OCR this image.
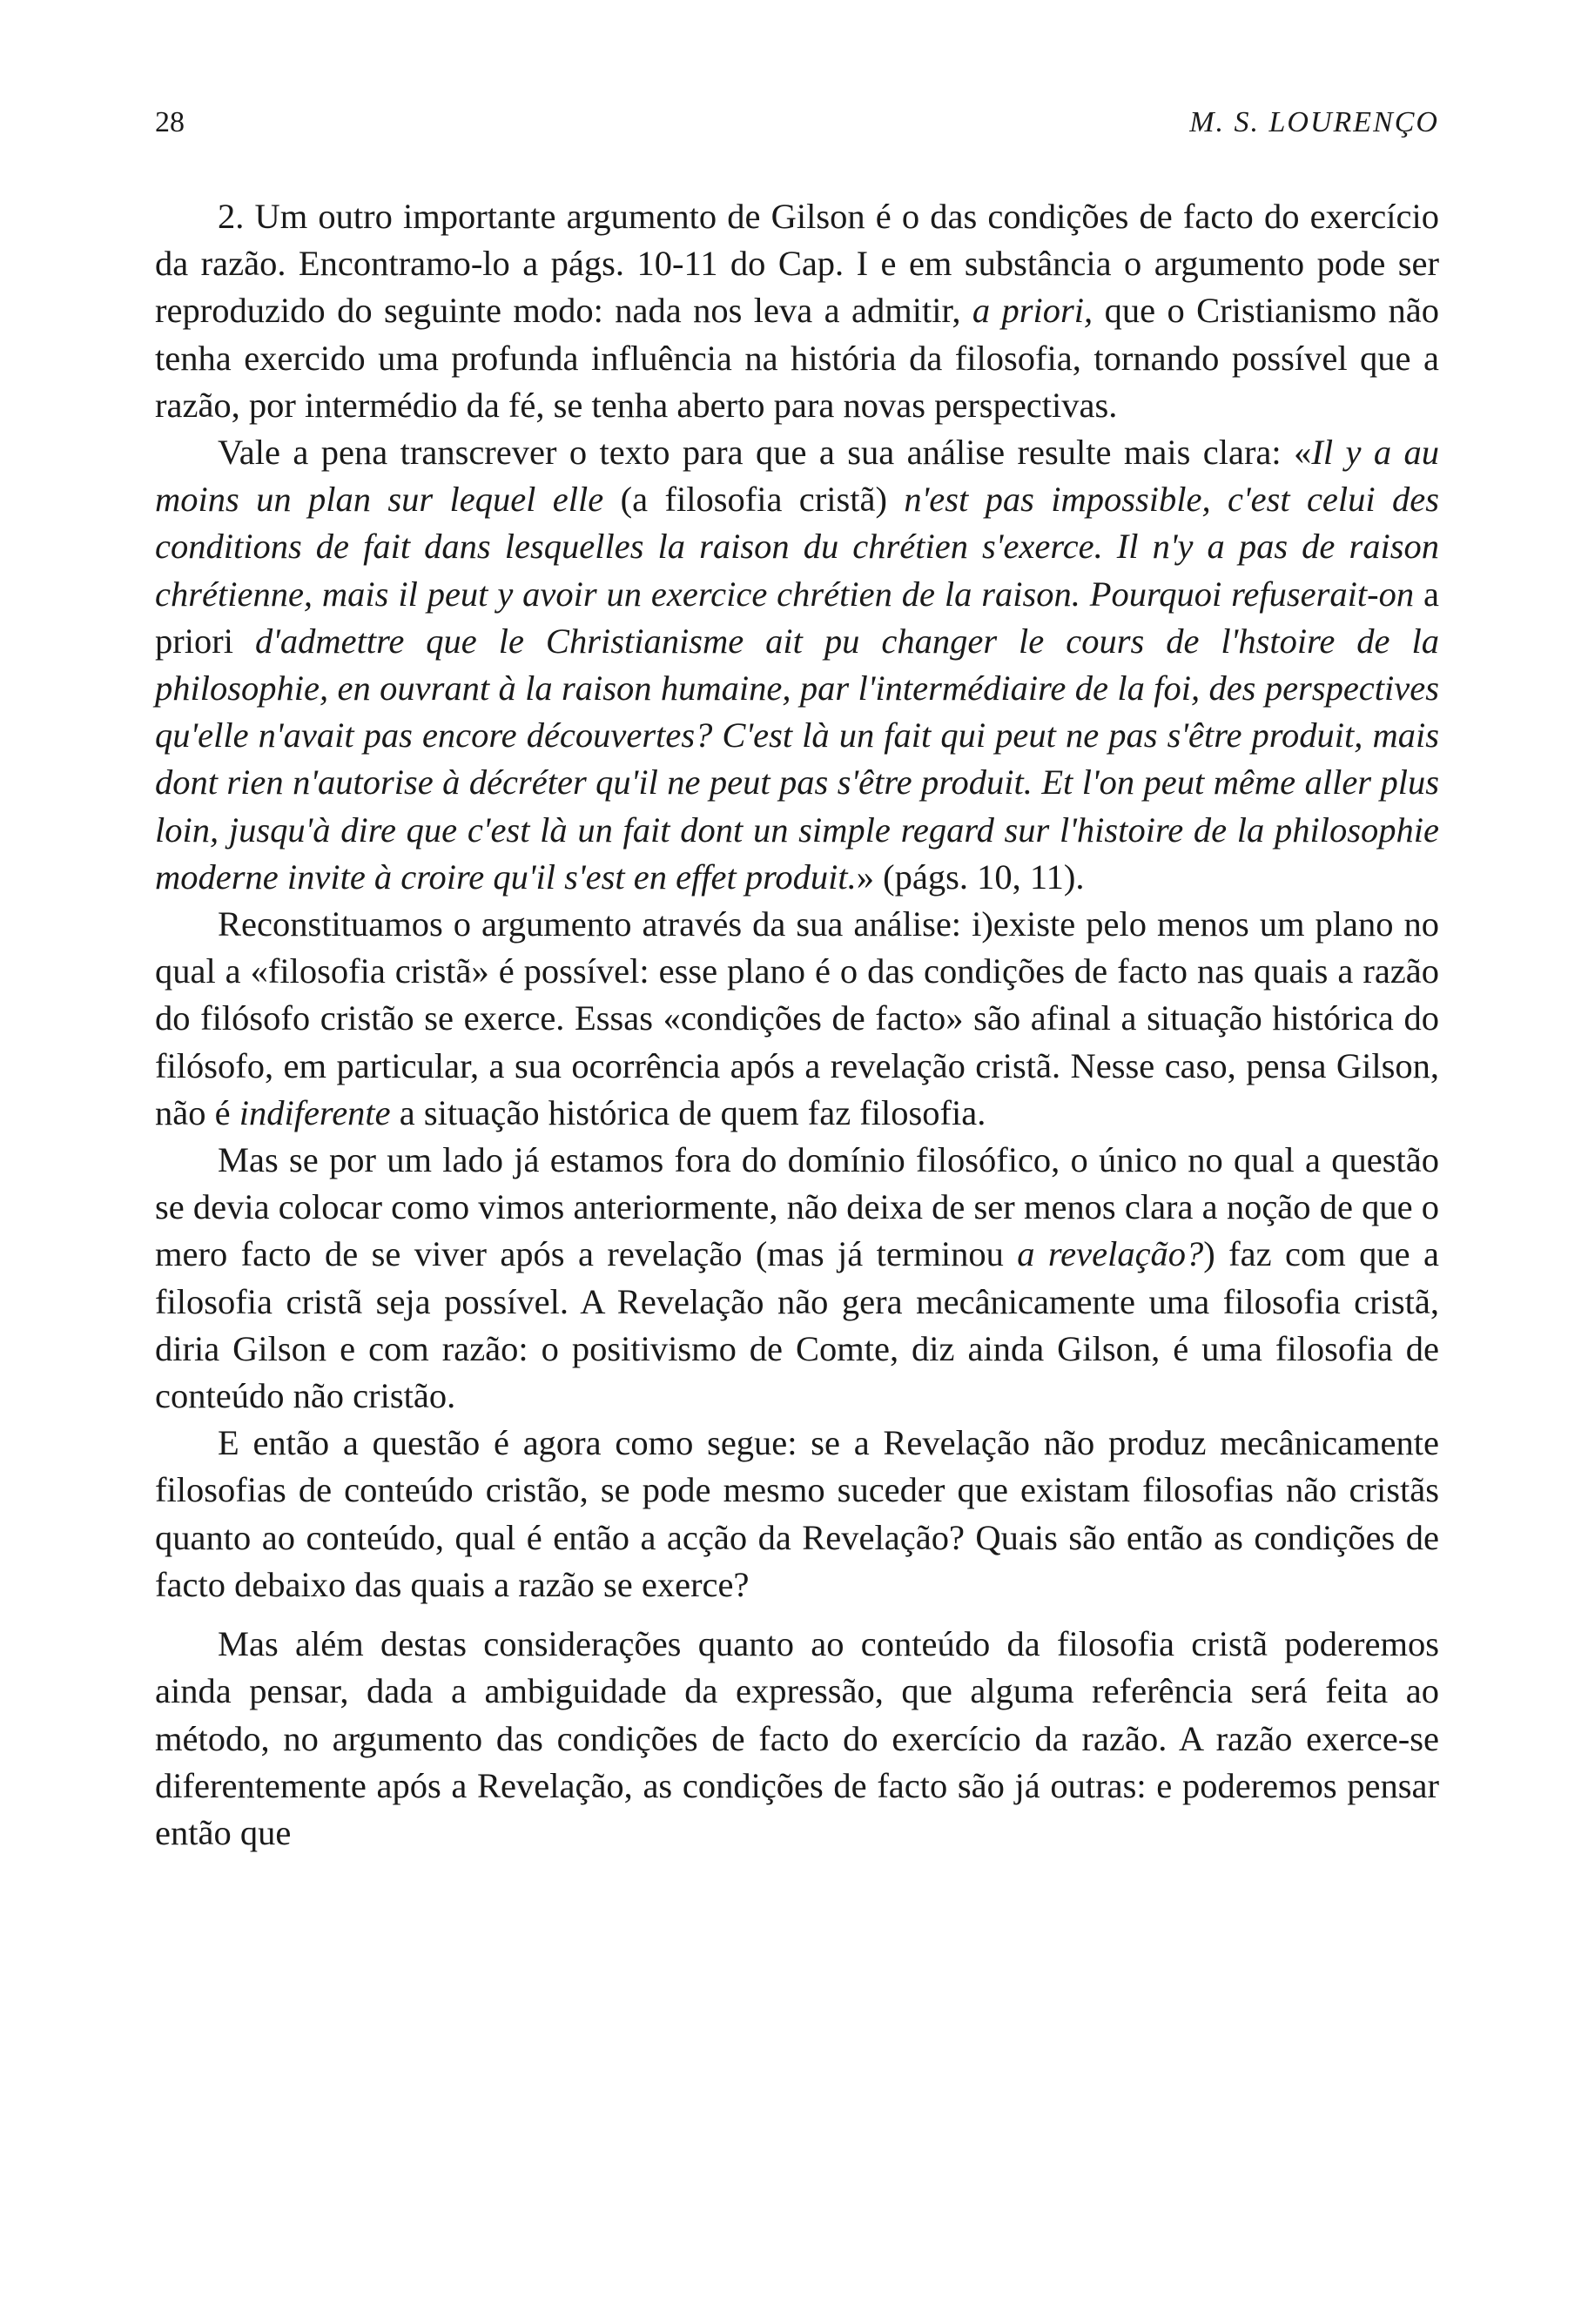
28	M. S. LOURENÇO

2. Um outro importante argumento de Gilson é o das condições de facto do exercício da razão. Encontramo-lo a págs. 10-11 do Cap. I e em substância o argumento pode ser reproduzido do seguinte modo: nada nos leva a admitir, a priori, que o Cristianismo não tenha exercido uma profunda influência na história da filosofia, tornando possível que a razão, por intermédio da fé, se tenha aberto para novas perspectivas.

Vale a pena transcrever o texto para que a sua análise resulte mais clara: «Il y a au moins un plan sur lequel elle (a filosofia cristã) n'est pas impossible, c'est celui des conditions de fait dans lesquelles la raison du chrétien s'exerce. Il n'y a pas de raison chrétienne, mais il peut y avoir un exercice chrétien de la raison. Pourquoi refuserait-on a priori d'admettre que le Christianisme ait pu changer le cours de l'hstoire de la philosophie, en ouvrant à la raison humaine, par l'intermédiaire de la foi, des perspectives qu'elle n'avait pas encore découvertes? C'est là un fait qui peut ne pas s'être produit, mais dont rien n'autorise à décréter qu'il ne peut pas s'être produit. Et l'on peut même aller plus loin, jusqu'à dire que c'est là un fait dont un simple regard sur l'histoire de la philosophie moderne invite à croire qu'il s'est en effet produit.» (págs. 10, 11).

Reconstituamos o argumento através da sua análise: i)existe pelo menos um plano no qual a «filosofia cristã» é possível: esse plano é o das condições de facto nas quais a razão do filósofo cristão se exerce. Essas «condições de facto» são afinal a situação histórica do filósofo, em particular, a sua ocorrência após a revelação cristã. Nesse caso, pensa Gilson, não é indiferente a situação histórica de quem faz filosofia.

Mas se por um lado já estamos fora do domínio filosófico, o único no qual a questão se devia colocar como vimos anteriormente, não deixa de ser menos clara a noção de que o mero facto de se viver após a revelação (mas já terminou a revelação?) faz com que a filosofia cristã seja possível. A Revelação não gera mecânicamente uma filosofia cristã, diria Gilson e com razão: o positivismo de Comte, diz ainda Gilson, é uma filosofia de conteúdo não cristão.

E então a questão é agora como segue: se a Revelação não produz mecânicamente filosofias de conteúdo cristão, se pode mesmo suceder que existam filosofias não cristãs quanto ao conteúdo, qual é então a acção da Revelação? Quais são então as condições de facto debaixo das quais a razão se exerce?

Mas além destas considerações quanto ao conteúdo da filosofia cristã poderemos ainda pensar, dada a ambiguidade da expressão, que alguma referência será feita ao método, no argumento das condições de facto do exercício da razão. A razão exerce-se diferentemente após a Revelação, as condições de facto são já outras: e poderemos pensar então que
